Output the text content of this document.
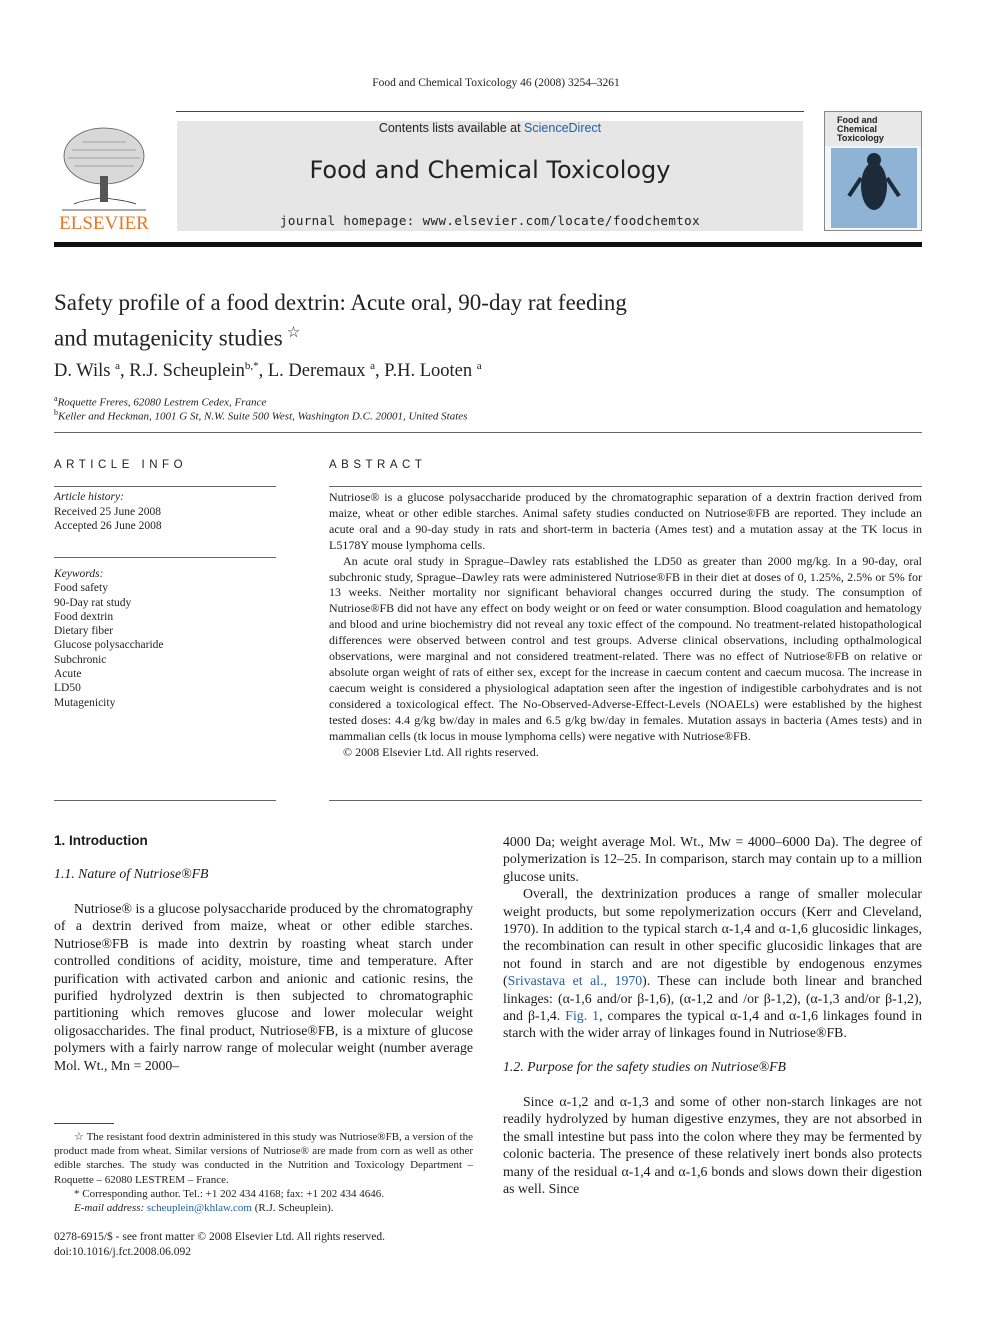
Food and Chemical Toxicology 46 (2008) 3254–3261
ELSEVIER
Contents lists available at ScienceDirect
Food and Chemical Toxicology
journal homepage: www.elsevier.com/locate/foodchemtox
Food and Chemical Toxicology
Safety profile of a food dextrin: Acute oral, 90-day rat feeding
and mutagenicity studies ☆
D. Wils $^a$, R.J. Scheuplein$^{b,*}$, L. Deremaux $^a$, P.H. Looten $^a$
$^a$Roquette Freres, 62080 Lestrem Cedex, France
$^b$Keller and Heckman, 1001 G St, N.W. Suite 500 West, Washington D.C. 20001, United States
ARTICLE INFO
Article history:
Received 25 June 2008
Accepted 26 June 2008
Keywords:
Food safety
90-Day rat study
Food dextrin
Dietary fiber
Glucose polysaccharide
Subchronic
Acute
LD50
Mutagenicity
ABSTRACT

Nutriose® is a glucose polysaccharide produced by the chromatographic separation of a dextrin fraction derived from maize, wheat or other edible starches. Animal safety studies conducted on Nutriose®FB are reported. They include an acute oral and a 90-day study in rats and short-term in bacteria (Ames test) and a mutation assay at the TK locus in L5178Y mouse lymphoma cells.

An acute oral study in Sprague–Dawley rats established the LD50 as greater than 2000 mg/kg. In a 90-day, oral subchronic study, Sprague–Dawley rats were administered Nutriose®FB in their diet at doses of 0, 1.25%, 2.5% or 5% for 13 weeks. Neither mortality nor significant behavioral changes occurred during the study. The consumption of Nutriose®FB did not have any effect on body weight or on feed or water consumption. Blood coagulation and hematology and blood and urine biochemistry did not reveal any toxic effect of the compound. No treatment-related histopathological differences were observed between control and test groups. Adverse clinical observations, including opthalmological observations, were marginal and not considered treatment-related. There was no effect of Nutriose®FB on relative or absolute organ weight of rats of either sex, except for the increase in caecum content and caecum mucosa. The increase in caecum weight is considered a physiological adaptation seen after the ingestion of indigestible carbohydrates and is not considered a toxicological effect. The No-Observed-Adverse-Effect-Levels (NOAELs) were established by the highest tested doses: 4.4 g/kg bw/day in males and 6.5 g/kg bw/day in females. Mutation assays in bacteria (Ames tests) and in mammalian cells (tk locus in mouse lymphoma cells) were negative with Nutriose®FB.

© 2008 Elsevier Ltd. All rights reserved.

1. Introduction
1.1. Nature of Nutriose®FB

Nutriose® is a glucose polysaccharide produced by the chromatography of a dextrin derived from maize, wheat or other edible starches. Nutriose®FB is made into dextrin by roasting wheat starch under controlled conditions of acidity, moisture, time and temperature. After purification with activated carbon and anionic and cationic resins, the purified hydrolyzed dextrin is then subjected to chromatographic partitioning which removes glucose and lower molecular weight oligosaccharides. The final product, Nutriose®FB, is a mixture of glucose polymers with a fairly narrow range of molecular weight (number average Mol. Wt., Mn = 2000–

☆ The resistant food dextrin administered in this study was Nutriose®FB, a version of the product made from wheat. Similar versions of Nutriose® are made from corn as well as other edible starches. The study was conducted in the Nutrition and Toxicology Department – Roquette – 62080 LESTREM – France.

* Corresponding author. Tel.: +1 202 434 4168; fax: +1 202 434 4646.

E-mail address: scheuplein@khlaw.com (R.J. Scheuplein).

0278-6915/$ - see front matter © 2008 Elsevier Ltd. All rights reserved.
doi:10.1016/j.fct.2008.06.092

4000 Da; weight average Mol. Wt., Mw = 4000–6000 Da). The degree of polymerization is 12–25. In comparison, starch may contain up to a million glucose units.

Overall, the dextrinization produces a range of smaller molecular weight products, but some repolymerization occurs (Kerr and Cleveland, 1970). In addition to the typical starch α-1,4 and α-1,6 glucosidic linkages, the recombination can result in other specific glucosidic linkages that are not found in starch and are not digestible by endogenous enzymes (Srivastava et al., 1970). These can include both linear and branched linkages: (α-1,6 and/or β-1,6), (α-1,2 and /or β-1,2), (α-1,3 and/or β-1,2), and β-1,4. Fig. 1, compares the typical α-1,4 and α-1,6 linkages found in starch with the wider array of linkages found in Nutriose®FB.

1.2. Purpose for the safety studies on Nutriose®FB

Since α-1,2 and α-1,3 and some of other non-starch linkages are not readily hydrolyzed by human digestive enzymes, they are not absorbed in the small intestine but pass into the colon where they may be fermented by colonic bacteria. The presence of these relatively inert bonds also protects many of the residual α-1,4 and α-1,6 bonds and slows down their digestion as well. Since
